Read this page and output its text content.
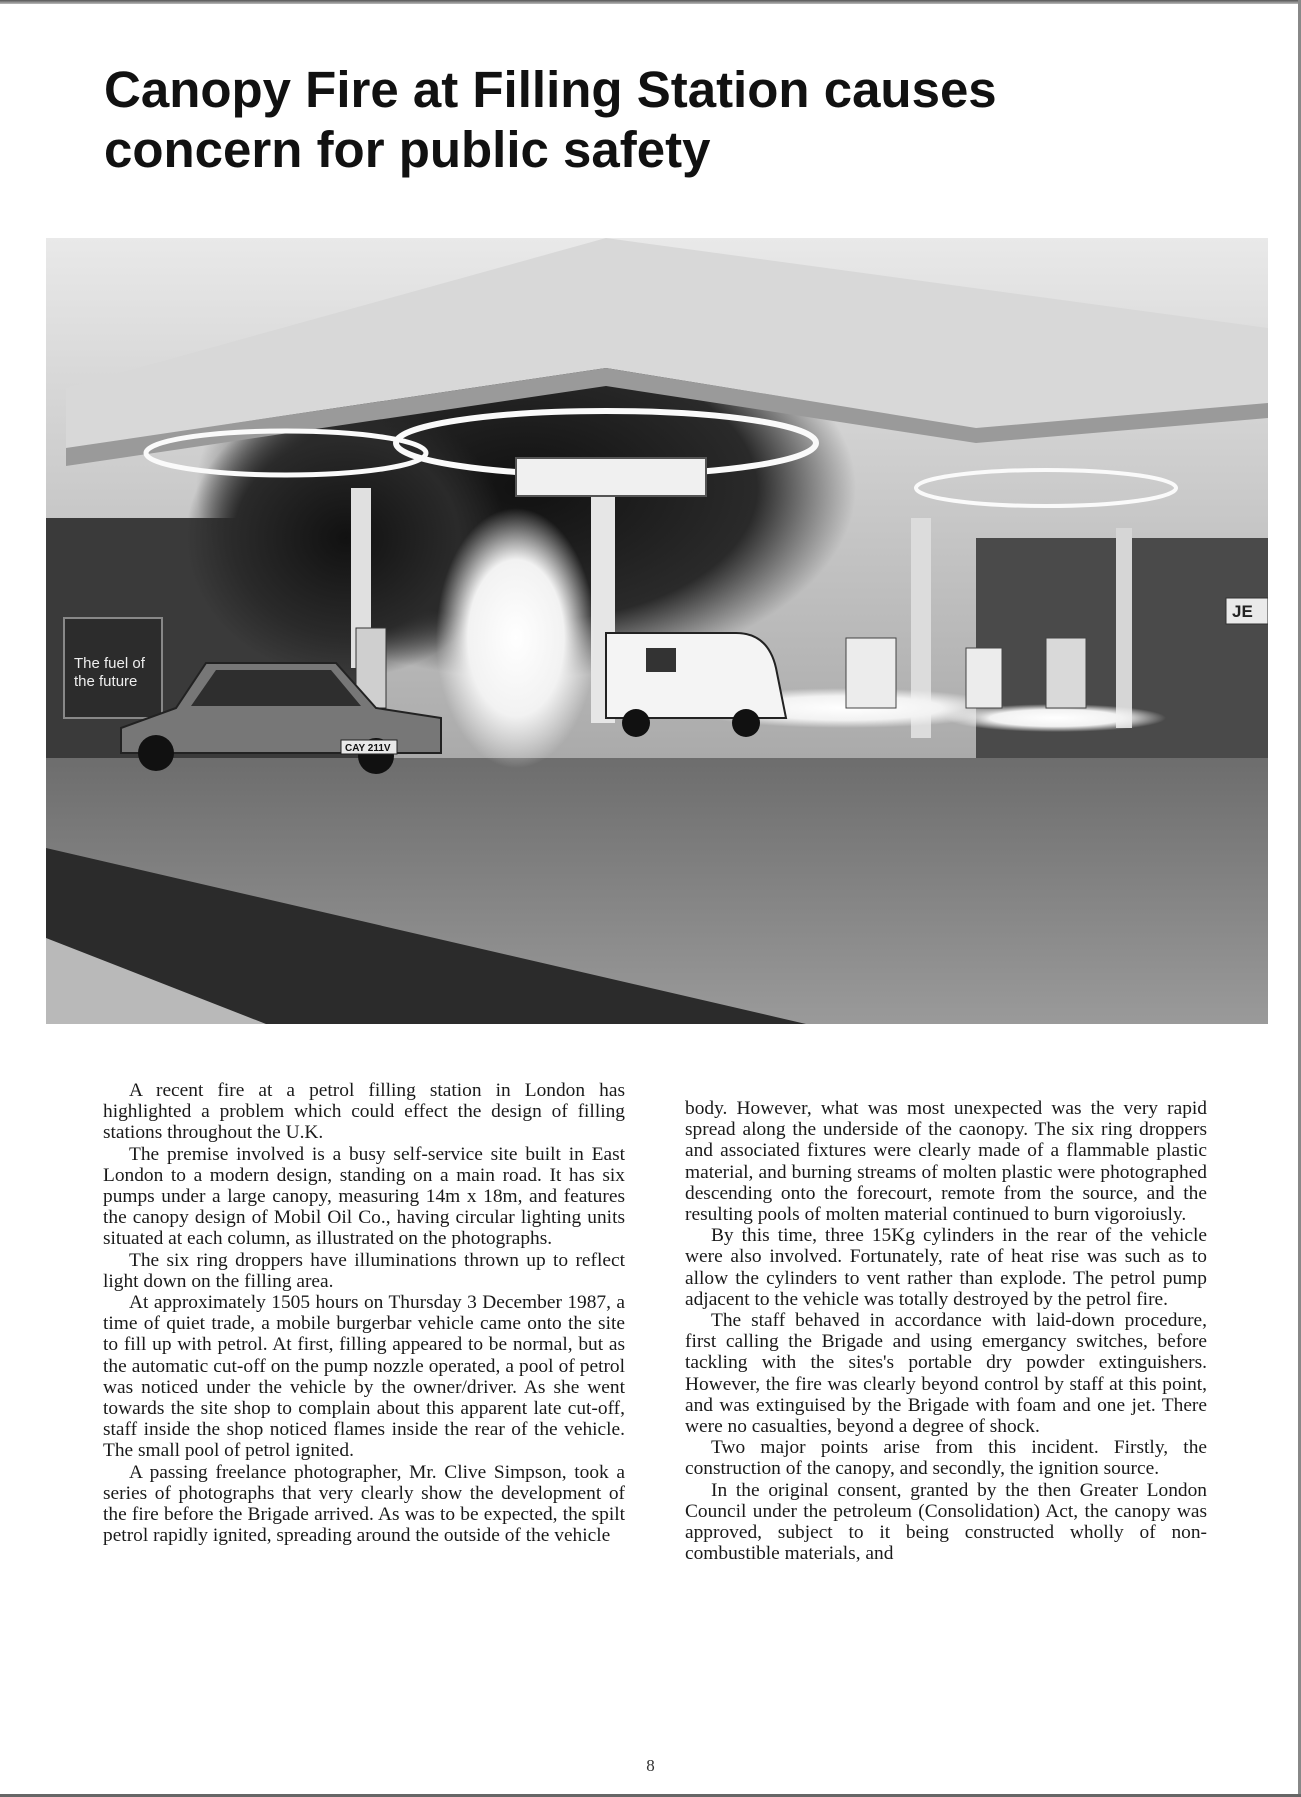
Canopy Fire at Filling Station causes
concern for public safety
The fuel of
the future
CAY 211V
JE

A recent fire at a petrol filling station in London has highlighted a problem which could effect the design of filling stations throughout the U.K.

The premise involved is a busy self-service site built in East London to a modern design, standing on a main road. It has six pumps under a large canopy, measuring 14m x 18m, and features the canopy design of Mobil Oil Co., having circular lighting units situated at each column, as illustrated on the photographs.

The six ring droppers have illuminations thrown up to reflect light down on the filling area.

At approximately 1505 hours on Thursday 3 December 1987, a time of quiet trade, a mobile burgerbar vehicle came onto the site to fill up with petrol. At first, filling appeared to be normal, but as the automatic cut-off on the pump nozzle operated, a pool of petrol was noticed under the vehicle by the owner/driver. As she went towards the site shop to complain about this apparent late cut-off, staff inside the shop noticed flames inside the rear of the vehicle. The small pool of petrol ignited.

A passing freelance photographer, Mr. Clive Simpson, took a series of photographs that very clearly show the development of the fire before the Brigade arrived. As was to be expected, the spilt petrol rapidly ignited, spreading around the outside of the vehicle

body. However, what was most unexpected was the very rapid spread along the underside of the caonopy. The six ring droppers and associated fixtures were clearly made of a flammable plastic material, and burning streams of molten plastic were photographed descending onto the forecourt, remote from the source, and the resulting pools of molten material continued to burn vigoroiusly.

By this time, three 15Kg cylinders in the rear of the vehicle were also involved. Fortunately, rate of heat rise was such as to allow the cylinders to vent rather than explode. The petrol pump adjacent to the vehicle was totally destroyed by the petrol fire.

The staff behaved in accordance with laid-down procedure, first calling the Brigade and using emergancy switches, before tackling with the sites's portable dry powder extinguishers. However, the fire was clearly beyond control by staff at this point, and was extinguised by the Brigade with foam and one jet. There were no casualties, beyond a degree of shock.

Two major points arise from this incident. Firstly, the construction of the canopy, and secondly, the ignition source.

In the original consent, granted by the then Greater London Council under the petroleum (Consolidation) Act, the canopy was approved, subject to it being constructed wholly of non- combustible materials, and

8
